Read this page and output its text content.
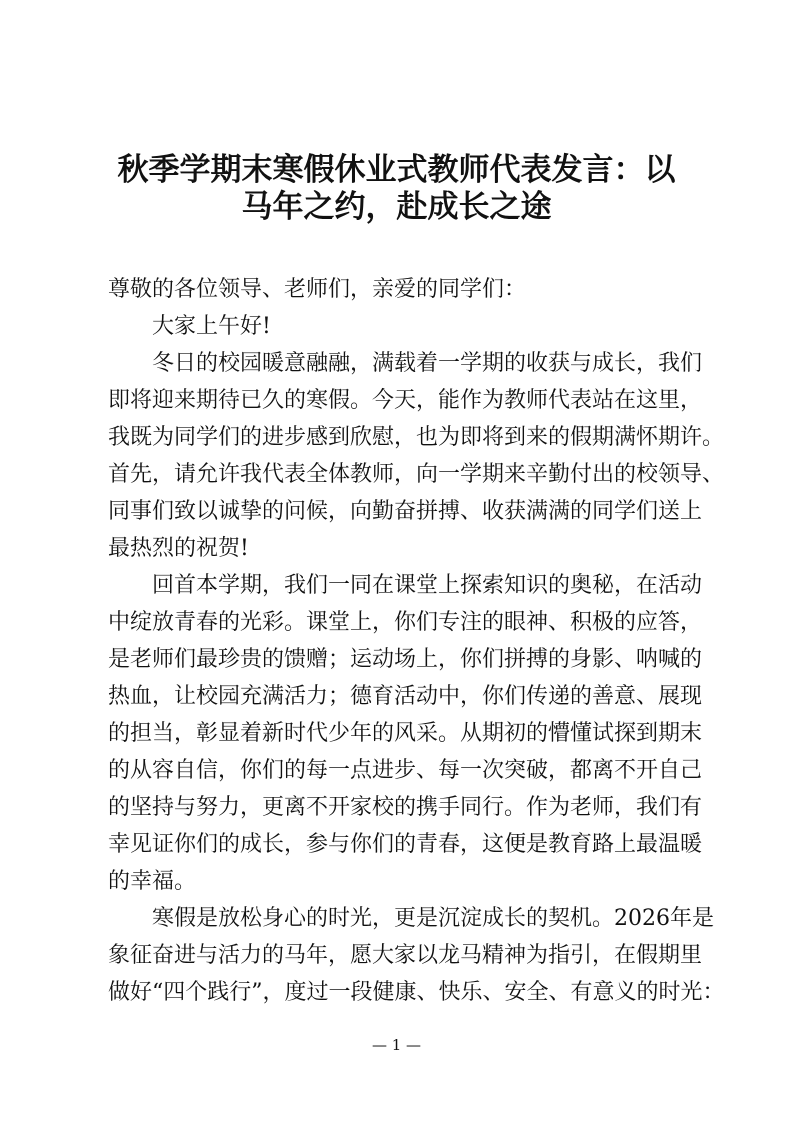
秋季学期末寒假休业式教师代表发言：以
马年之约，赴成长之途
尊敬的各位领导、老师们，亲爱的同学们：
大家上午好!
冬日的校园暖意融融，满载着一学期的收获与成长，我们
即将迎来期待已久的寒假。今天，能作为教师代表站在这里，
我既为同学们的进步感到欣慰，也为即将到来的假期满怀期许。
首先，请允许我代表全体教师，向一学期来辛勤付出的校领导、
同事们致以诚挚的问候，向勤奋拼搏、收获满满的同学们送上
最热烈的祝贺!
回首本学期，我们一同在课堂上探索知识的奥秘，在活动
中绽放青春的光彩。课堂上，你们专注的眼神、积极的应答，
是老师们最珍贵的馈赠；运动场上，你们拼搏的身影、呐喊的
热血，让校园充满活力；德育活动中，你们传递的善意、展现
的担当，彰显着新时代少年的风采。从期初的懵懂试探到期末
的从容自信，你们的每一点进步、每一次突破，都离不开自己
的坚持与努力，更离不开家校的携手同行。作为老师，我们有
幸见证你们的成长，参与你们的青春，这便是教育路上最温暖
的幸福。
寒假是放松身心的时光，更是沉淀成长的契机。2026年是
象征奋进与活力的马年，愿大家以龙马精神为指引，在假期里
做好“四个践行”，度过一段健康、快乐、安全、有意义的时光：
— 1 —
